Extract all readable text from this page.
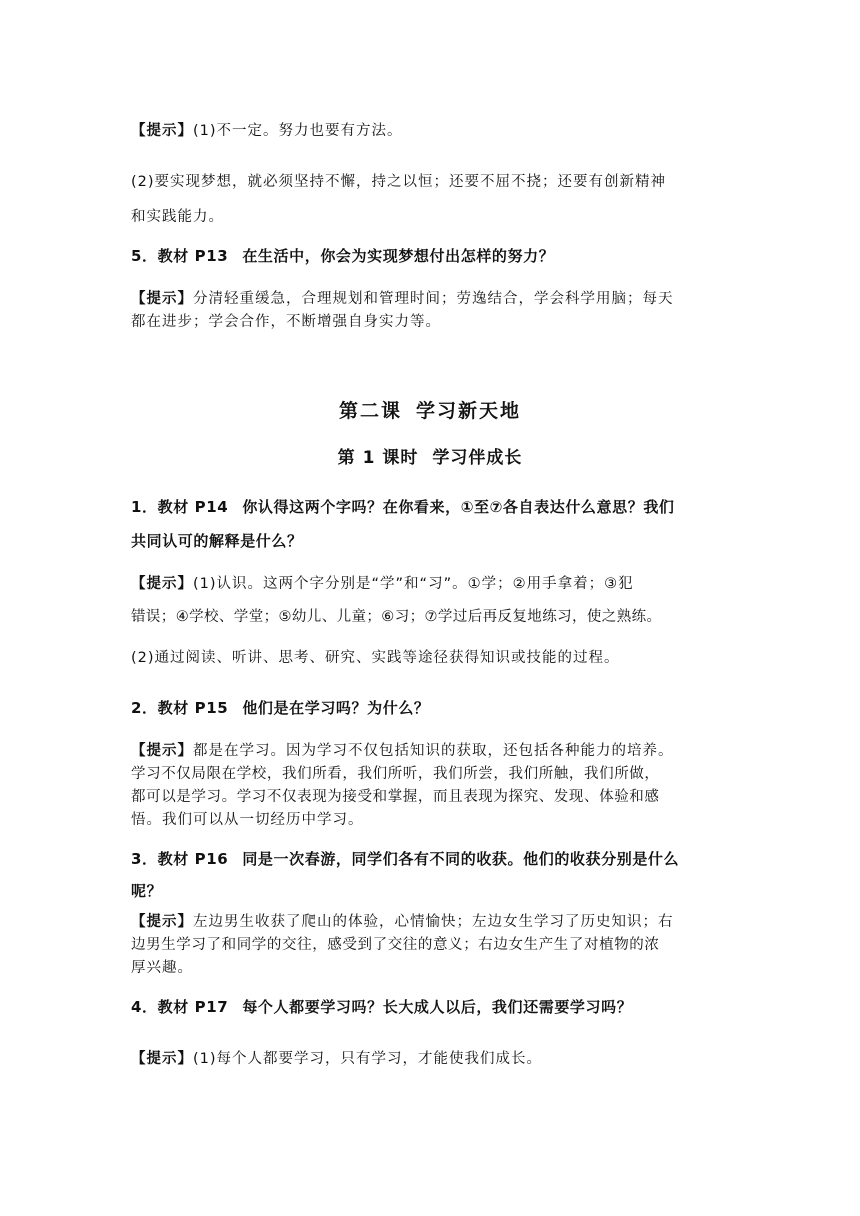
【提示】(1)不一定。努力也要有方法。

(2)要实现梦想，就必须坚持不懈，持之以恒；还要不屈不挠；还要有创新精神

和实践能力。

5．教材 P13 在生活中，你会为实现梦想付出怎样的努力？

【提示】分清轻重缓急，合理规划和管理时间；劳逸结合，学会科学用脑；每天

都在进步；学会合作，不断增强自身实力等。

第二课 学习新天地
第 1 课时 学习伴成长

1．教材 P14 你认得这两个字吗？在你看来，①至⑦各自表达什么意思？我们

共同认可的解释是什么？

【提示】(1)认识。这两个字分别是“学”和“习”。①学；②用手拿着；③犯

错误；④学校、学堂；⑤幼儿、儿童；⑥习；⑦学过后再反复地练习，使之熟练。

(2)通过阅读、听讲、思考、研究、实践等途径获得知识或技能的过程。

2．教材 P15 他们是在学习吗？为什么？

【提示】都是在学习。因为学习不仅包括知识的获取，还包括各种能力的培养。

学习不仅局限在学校，我们所看，我们所听，我们所尝，我们所触，我们所做，

都可以是学习。学习不仅表现为接受和掌握，而且表现为探究、发现、体验和感

悟。我们可以从一切经历中学习。

3．教材 P16 同是一次春游，同学们各有不同的收获。他们的收获分别是什么

呢？

【提示】左边男生收获了爬山的体验，心情愉快；左边女生学习了历史知识；右

边男生学习了和同学的交往，感受到了交往的意义；右边女生产生了对植物的浓

厚兴趣。

4．教材 P17 每个人都要学习吗？长大成人以后，我们还需要学习吗？

【提示】(1)每个人都要学习，只有学习，才能使我们成长。
